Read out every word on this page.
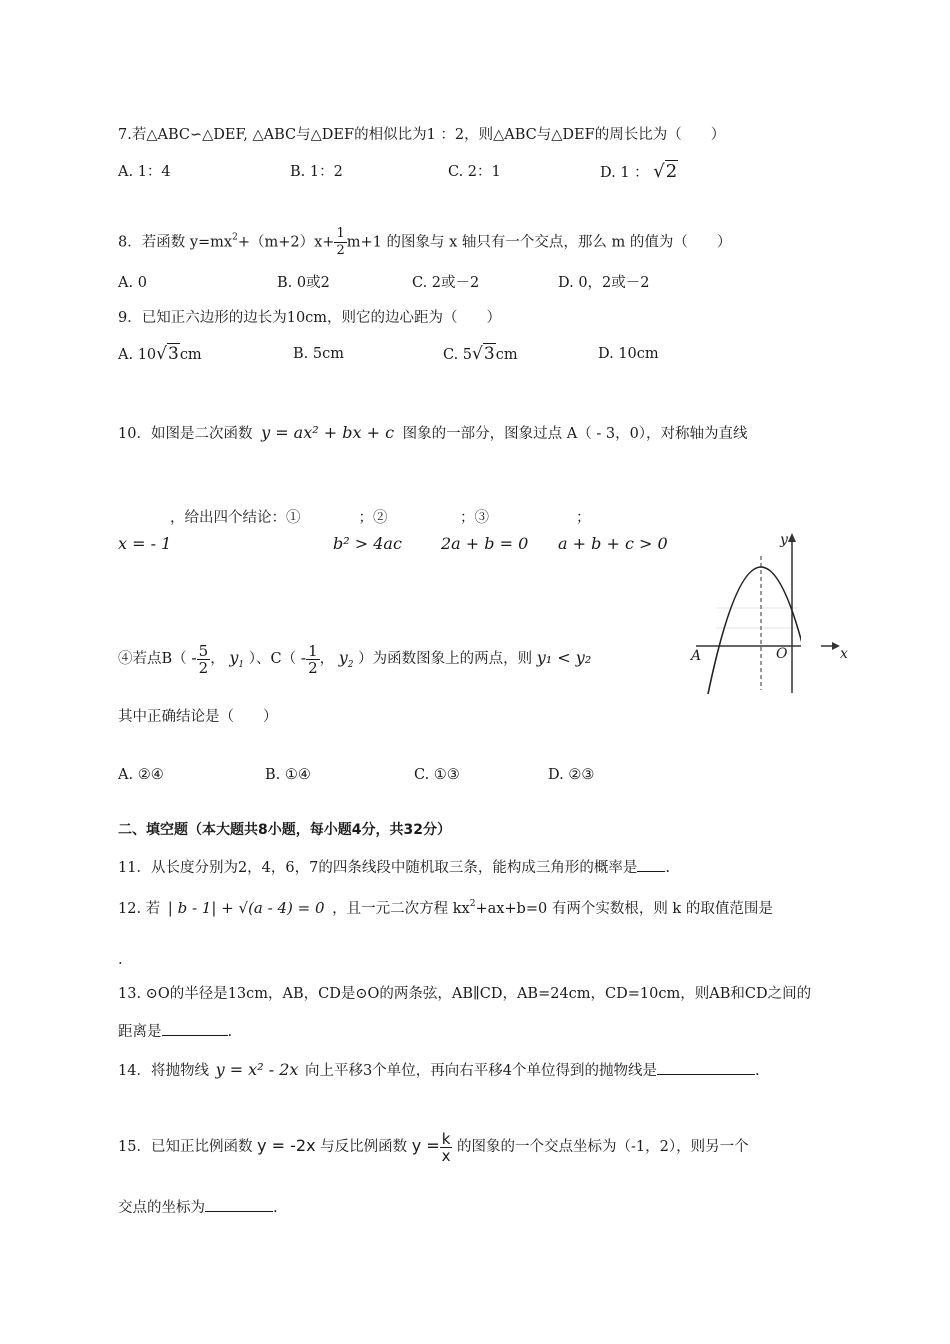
7.若△ABC∽△DEF, △ABC与△DEF的相似比为1 ：2，则△ABC与△DEF的周长比为（　　）
A. 1：4	B. 1：2	C. 2：1	D. 1 ： √2
8．若函数 $y=mx^2+(m+2)x+ \frac{1}{2} m+1$ 的图象与 x 轴只有一个交点，那么 m 的值为（　　）
A. 0	B. 0或2	C. 2或－2	D. 0，2或－2
9．已知正六边形的边长为10cm，则它的边心距为（　　）
A. 10√3cm	B. 5cm	C. 5√3cm	D. 10cm
10．如图是二次函数 y = ax² + bx + c 图象的一部分，图象过点 A（ - 3，0），对称轴为直线
，给出四个结论：①　　　　；②　　　　　；③　　　　　　；
x = - 1	b² > 4ac 2a + b = 0 a + b + c > 0
④若点$B( - \frac{5}{2}$ ， $y_1$ ）、$C( - \frac{1}{2}$ ， $y_2$ ）为函数图象上的两点，则 y₁ < y₂
y
x
O
A
其中正确结论是（　　）
A. ②④	B. ①④	C. ①③	D. ②③
二、填空题（本大题共8小题，每小题4分，共32分）
11．从长度分别为2，4，6，7的四条线段中随机取三条，能构成三角形的概率是 .
12. 若 | b - 1| + √(a - 4) = 0 ，且一元二次方程 $kx^2+ax+b=0$ 有两个实数根，则 k 的取值范围是
.
13. ⊙O的半径是13cm，AB，CD是⊙O的两条弦，AB∥CD，AB=24cm，CD=10cm，则AB和CD之间的
距离是	.
14．将抛物线 y = x² - 2x 向上平移3个单位，再向右平移4个单位得到的抛物线是	.
15．已知正比例函数 y = -2x 与反比例函数 $y = \frac{k}{x}$ 的图象的一个交点坐标为（-1，2），则另一个
交点的坐标为	.
